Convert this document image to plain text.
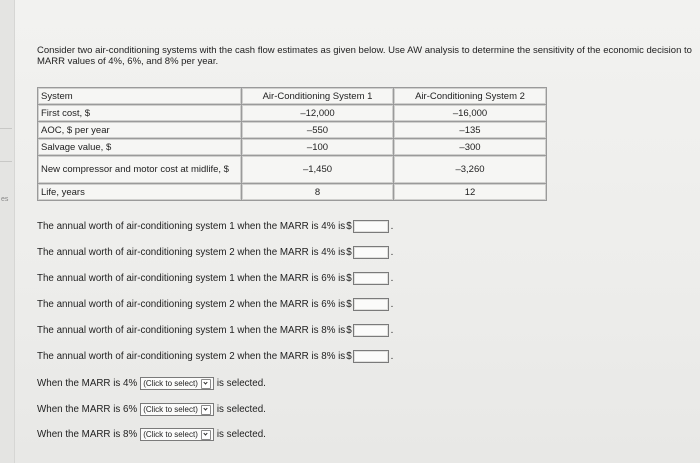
es
Consider two air-conditioning systems with the cash flow estimates as given below. Use AW analysis to determine the sensitivity of the economic decision to MARR values of 4%, 6%, and 8% per year.
System	Air-Conditioning System 1	Air-Conditioning System 2
First cost, $	–12,000	–16,000
AOC, $ per year	–550	–135
Salvage value, $	–100	–300
New compressor and motor cost at midlife, $	–1,450	–3,260
Life, years	8	12
The annual worth of air-conditioning system 1 when the MARR is 4% is $	.
The annual worth of air-conditioning system 2 when the MARR is 4% is $	.
The annual worth of air-conditioning system 1 when the MARR is 6% is $	.
The annual worth of air-conditioning system 2 when the MARR is 6% is $	.
The annual worth of air-conditioning system 1 when the MARR is 8% is $	.
The annual worth of air-conditioning system 2 when the MARR is 8% is $	.
When the MARR is 4% (Click to select) is selected.
When the MARR is 6% (Click to select) is selected.
When the MARR is 8% (Click to select) is selected.
